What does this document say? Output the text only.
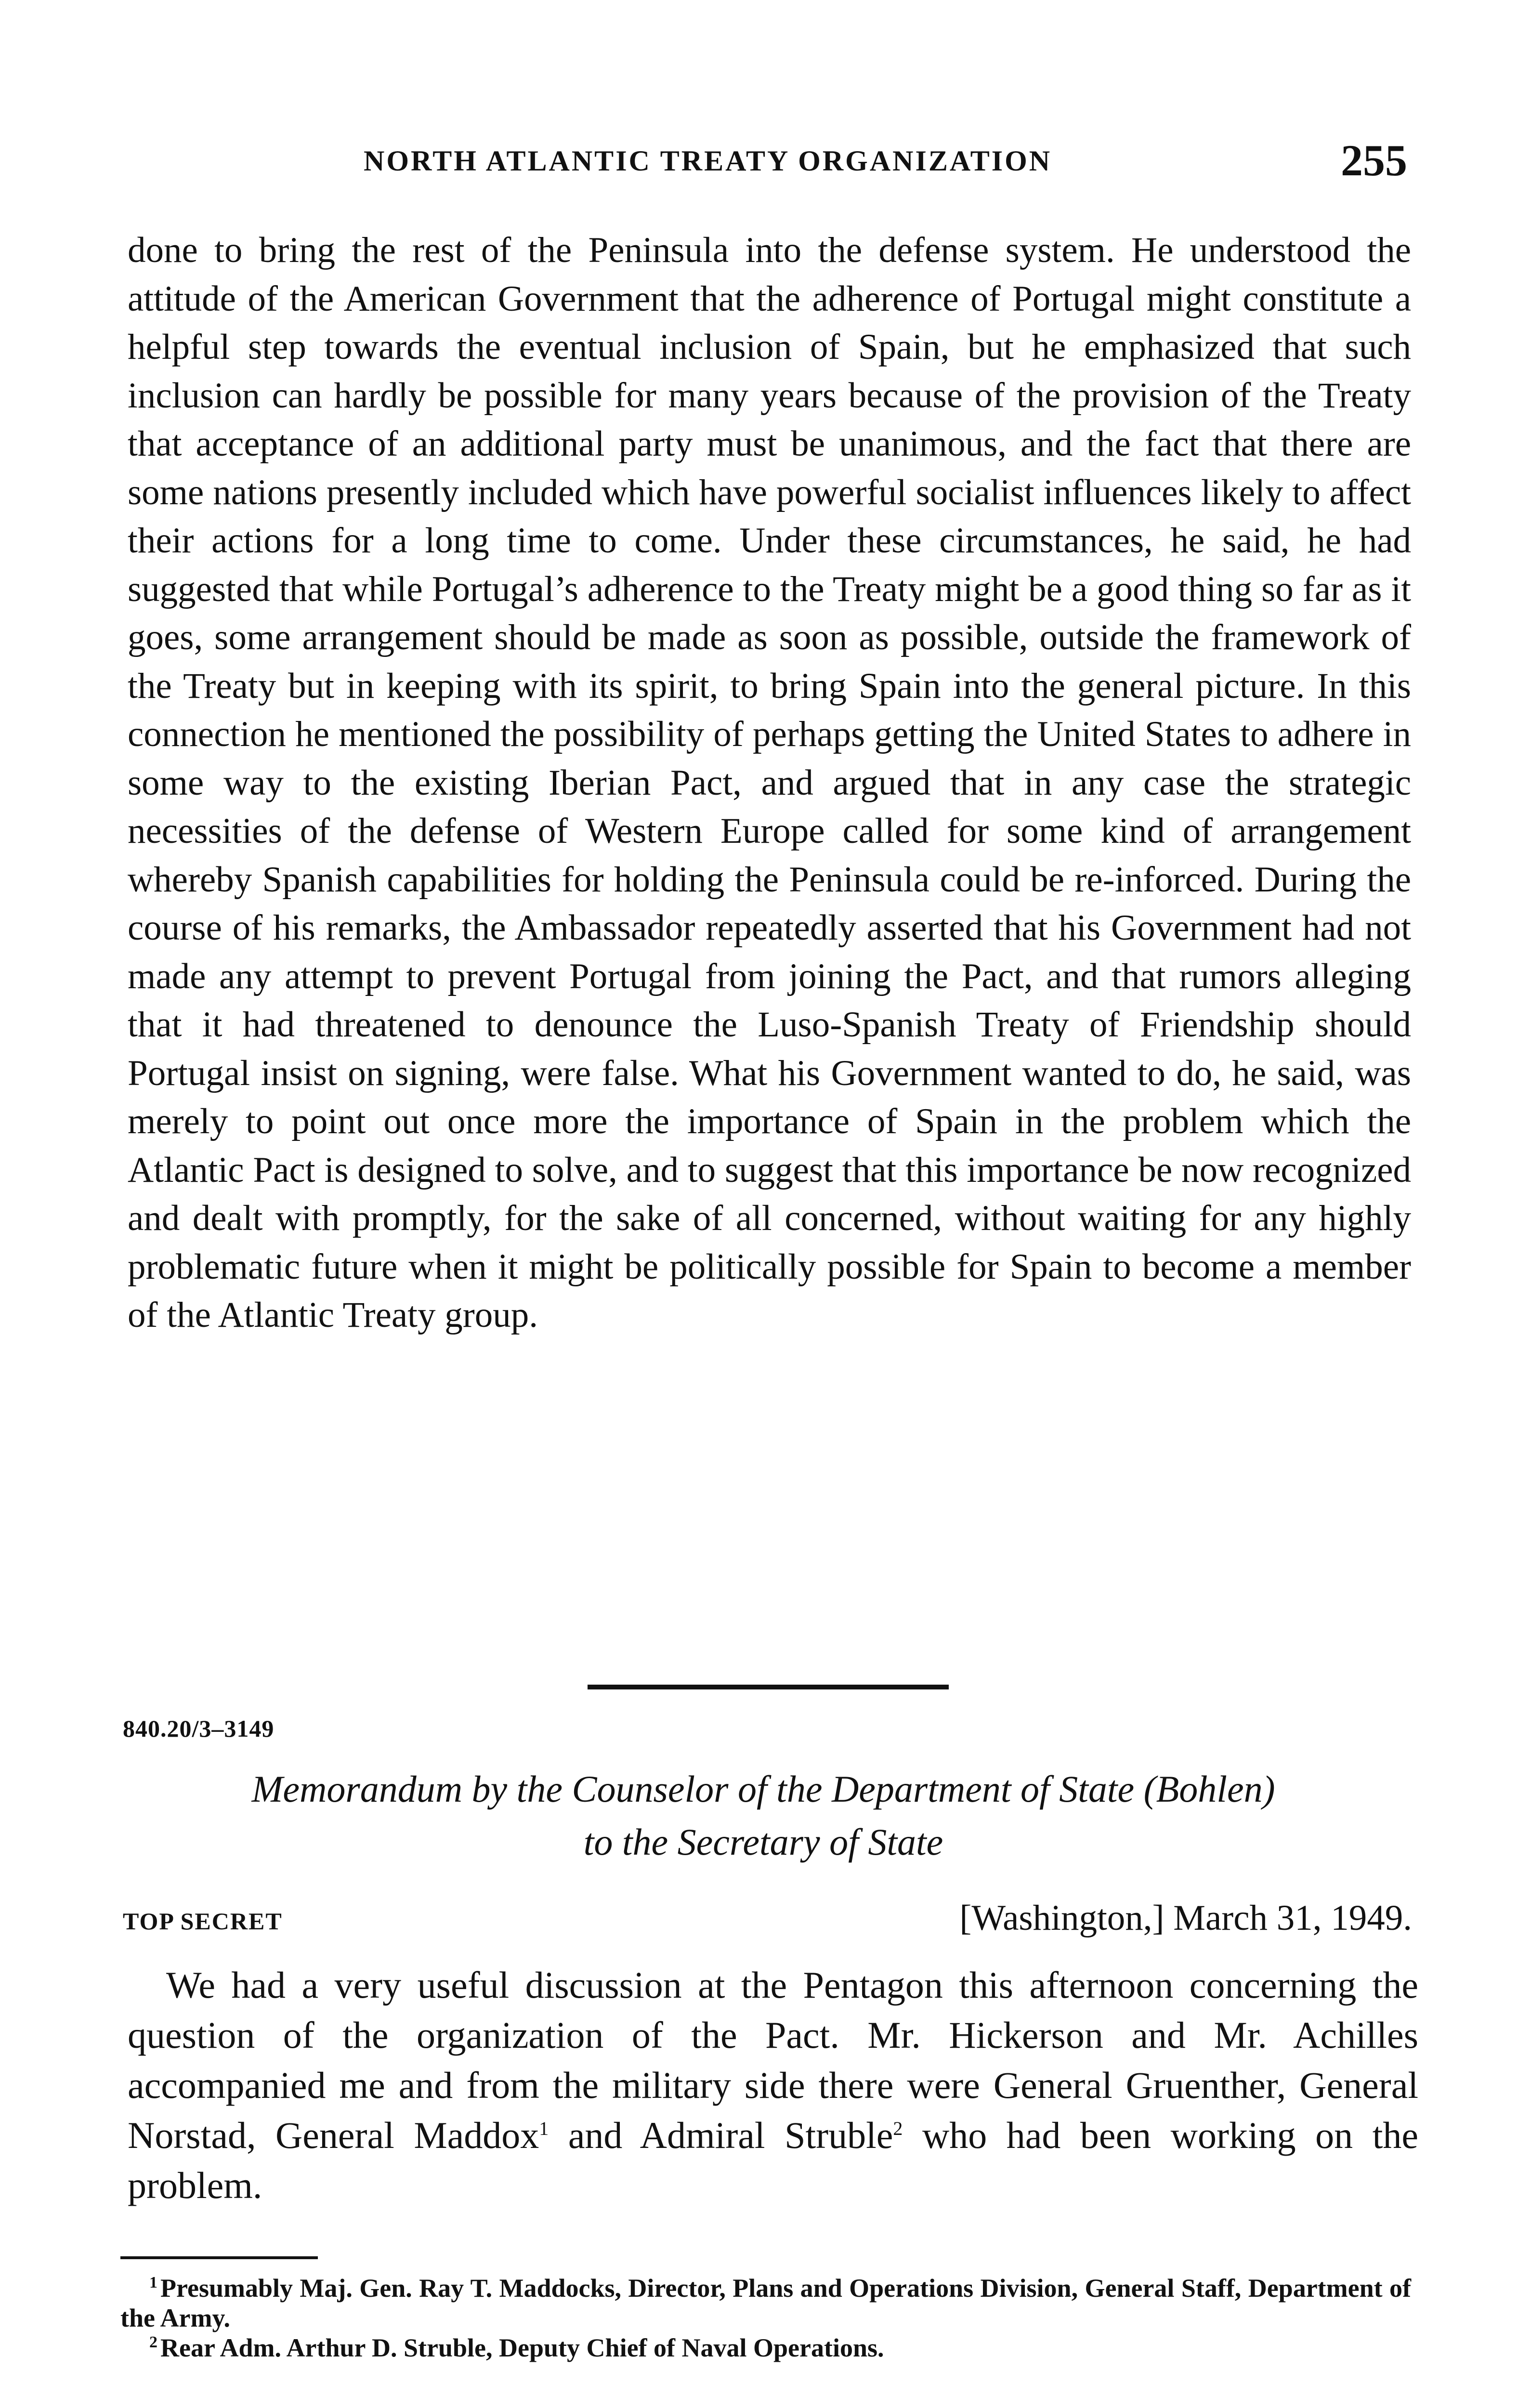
NORTH ATLANTIC TREATY ORGANIZATION	255

done to bring the rest of the Peninsula into the defense system. He understood the attitude of the American Government that the adherence of Portugal might constitute a helpful step towards the eventual inclusion of Spain, but he emphasized that such inclusion can hardly be possible for many years because of the provision of the Treaty that acceptance of an additional party must be unanimous, and the fact that there are some nations presently included which have powerful socialist influences likely to affect their actions for a long time to come. Under these circumstances, he said, he had suggested that while Portugal’s adherence to the Treaty might be a good thing so far as it goes, some arrangement should be made as soon as possible, outside the framework of the Treaty but in keeping with its spirit, to bring Spain into the general picture. In this connection he mentioned the possibility of perhaps getting the United States to adhere in some way to the existing Iberian Pact, and argued that in any case the strategic necessities of the defense of Western Europe called for some kind of arrangement whereby Spanish capabilities for holding the Peninsula could be re-inforced. During the course of his remarks, the Ambassador repeatedly asserted that his Government had not made any attempt to prevent Portugal from joining the Pact, and that rumors alleging that it had threatened to denounce the Luso-Spanish Treaty of Friendship should Portugal insist on signing, were false. What his Government wanted to do, he said, was merely to point out once more the importance of Spain in the problem which the Atlantic Pact is designed to solve, and to suggest that this importance be now recognized and dealt with promptly, for the sake of all concerned, without waiting for any highly problematic future when it might be politically possible for Spain to become a member of the Atlantic Treaty group.

840.20/3–3149
Memorandum by the Counselor of the Department of State (Bohlen)
to the Secretary of State
TOP SECRET	[Washington,] March 31, 1949.

We had a very useful discussion at the Pentagon this afternoon concerning the question of the organization of the Pact. Mr. Hickerson and Mr. Achilles accompanied me and from the military side there were General Gruenther, General Norstad, General Maddox$^1$ and Admiral Struble$^2$ who had been working on the problem.

$^1$ Presumably Maj. Gen. Ray T. Maddocks, Director, Plans and Operations Division, General Staff, Department of the Army.

$^2$ Rear Adm. Arthur D. Struble, Deputy Chief of Naval Operations.
